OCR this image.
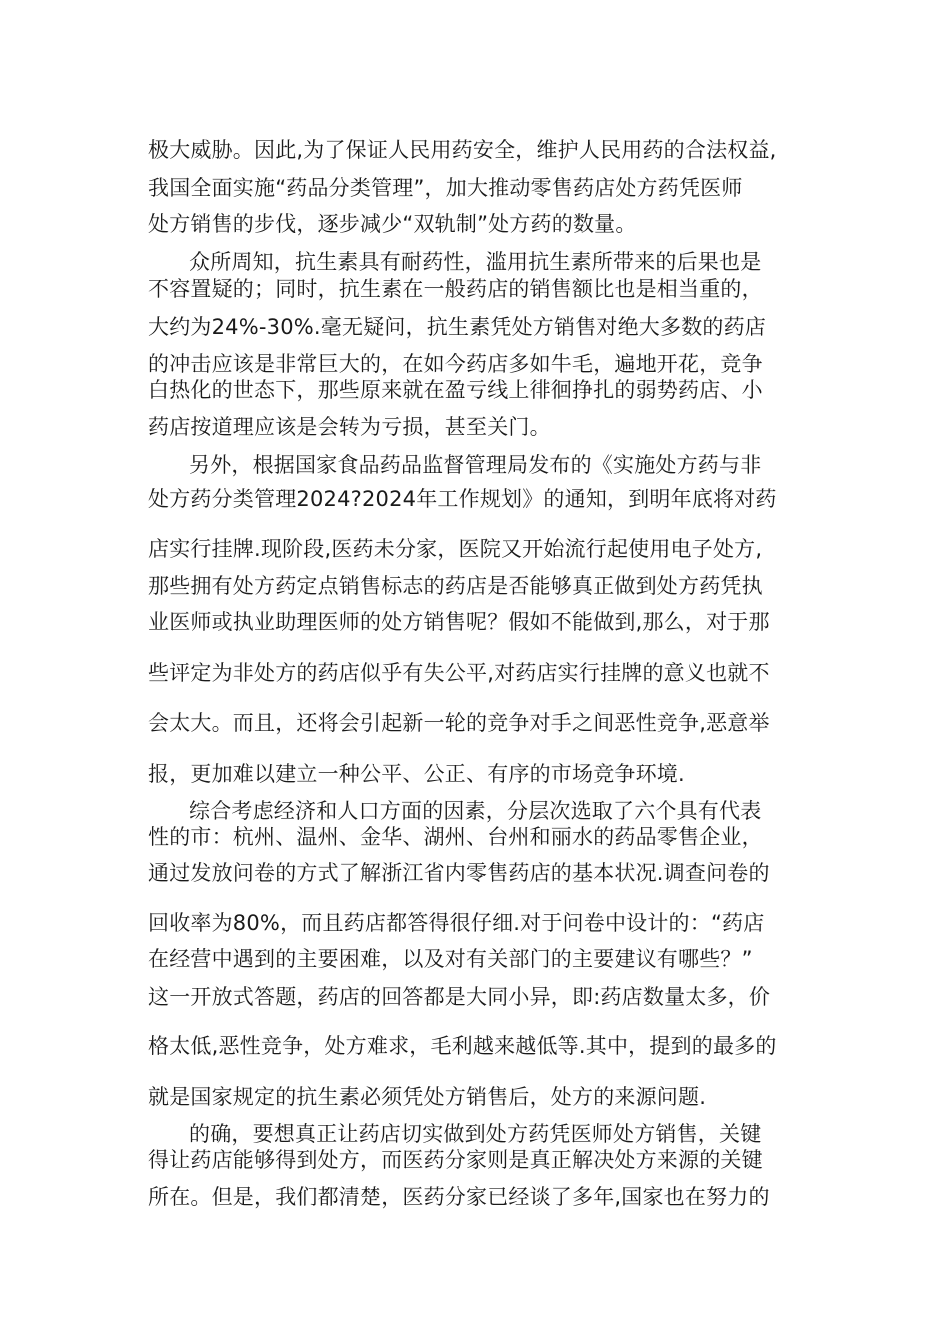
极大威胁。因此,为了保证人民用药安全，维护人民用药的合法权益,
我国全面实施“药品分类管理”，加大推动零售药店处方药凭医师
处方销售的步伐，逐步减少“双轨制”处方药的数量。
众所周知，抗生素具有耐药性，滥用抗生素所带来的后果也是
不容置疑的；同时，抗生素在一般药店的销售额比也是相当重的，
大约为24%-30%.毫无疑问，抗生素凭处方销售对绝大多数的药店
的冲击应该是非常巨大的，在如今药店多如牛毛，遍地开花，竞争
白热化的世态下，那些原来就在盈亏线上徘徊挣扎的弱势药店、小
药店按道理应该是会转为亏损，甚至关门。
另外，根据国家食品药品监督管理局发布的《实施处方药与非
处方药分类管理2024?2024年工作规划》的通知，到明年底将对药
店实行挂牌.现阶段,医药未分家，医院又开始流行起使用电子处方,
那些拥有处方药定点销售标志的药店是否能够真正做到处方药凭执
业医师或执业助理医师的处方销售呢？假如不能做到,那么，对于那
些评定为非处方的药店似乎有失公平,对药店实行挂牌的意义也就不
会太大。而且，还将会引起新一轮的竞争对手之间恶性竞争,恶意举
报，更加难以建立一种公平、公正、有序的市场竞争环境.
综合考虑经济和人口方面的因素，分层次选取了六个具有代表
性的市：杭州、温州、金华、湖州、台州和丽水的药品零售企业，
通过发放问卷的方式了解浙江省内零售药店的基本状况.调查问卷的
回收率为80%，而且药店都答得很仔细.对于问卷中设计的：“药店
在经营中遇到的主要困难，以及对有关部门的主要建议有哪些？”
这一开放式答题，药店的回答都是大同小异，即:药店数量太多，价
格太低,恶性竞争，处方难求，毛利越来越低等.其中，提到的最多的
就是国家规定的抗生素必须凭处方销售后，处方的来源问题.
的确，要想真正让药店切实做到处方药凭医师处方销售，关键
得让药店能够得到处方，而医药分家则是真正解决处方来源的关键
所在。但是，我们都清楚，医药分家已经谈了多年,国家也在努力的
